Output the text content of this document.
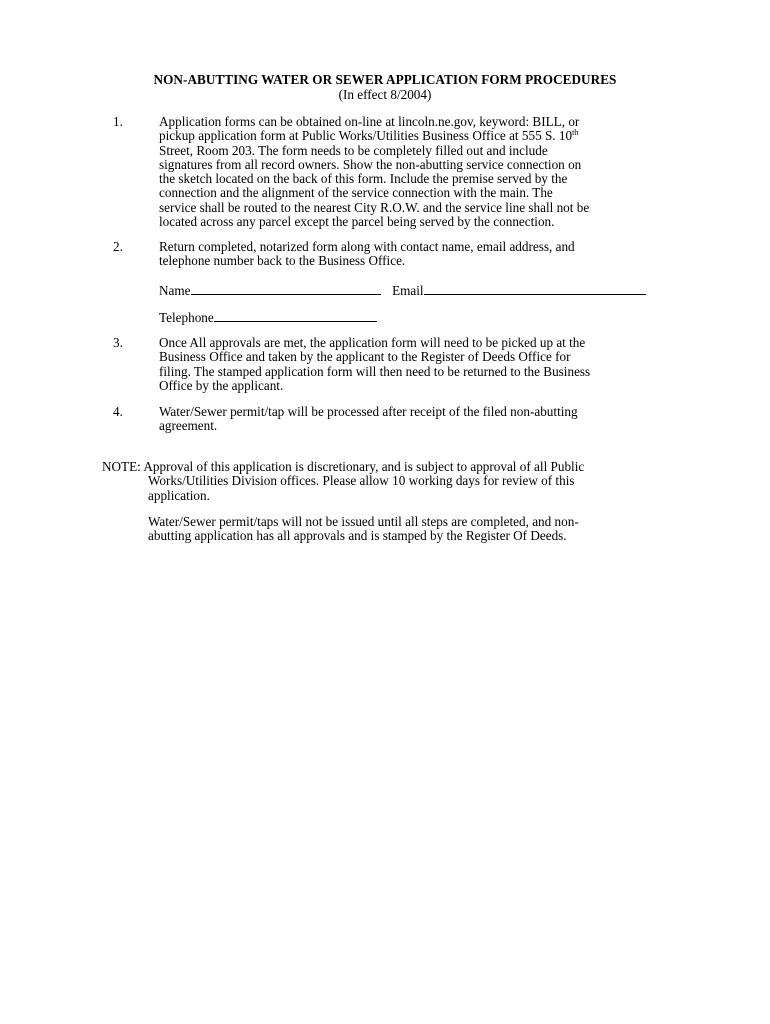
NON-ABUTTING WATER OR SEWER APPLICATION FORM PROCEDURES
(In effect 8/2004)
1.	Application forms can be obtained on-line at lincoln.ne.gov, keyword: BILL, or
pickup application form at Public Works/Utilities Business Office at 555 S. 10th
Street, Room 203. The form needs to be completely filled out and include
signatures from all record owners. Show the non-abutting service connection on
the sketch located on the back of this form. Include the premise served by the
connection and the alignment of the service connection with the main. The
service shall be routed to the nearest City R.O.W. and the service line shall not be
located across any parcel except the parcel being served by the connection.
2.	Return completed, notarized form along with contact name, email address, and
telephone number back to the Business Office.
Name	Email
Telephone
3.	Once All approvals are met, the application form will need to be picked up at the
Business Office and taken by the applicant to the Register of Deeds Office for
filing. The stamped application form will then need to be returned to the Business
Office by the applicant.
4.	Water/Sewer permit/tap will be processed after receipt of the filed non-abutting
agreement.
NOTE: Approval of this application is discretionary, and is subject to approval of all Public
Works/Utilities Division offices. Please allow 10 working days for review of this
application.
Water/Sewer permit/taps will not be issued until all steps are completed, and non-
abutting application has all approvals and is stamped by the Register Of Deeds.
